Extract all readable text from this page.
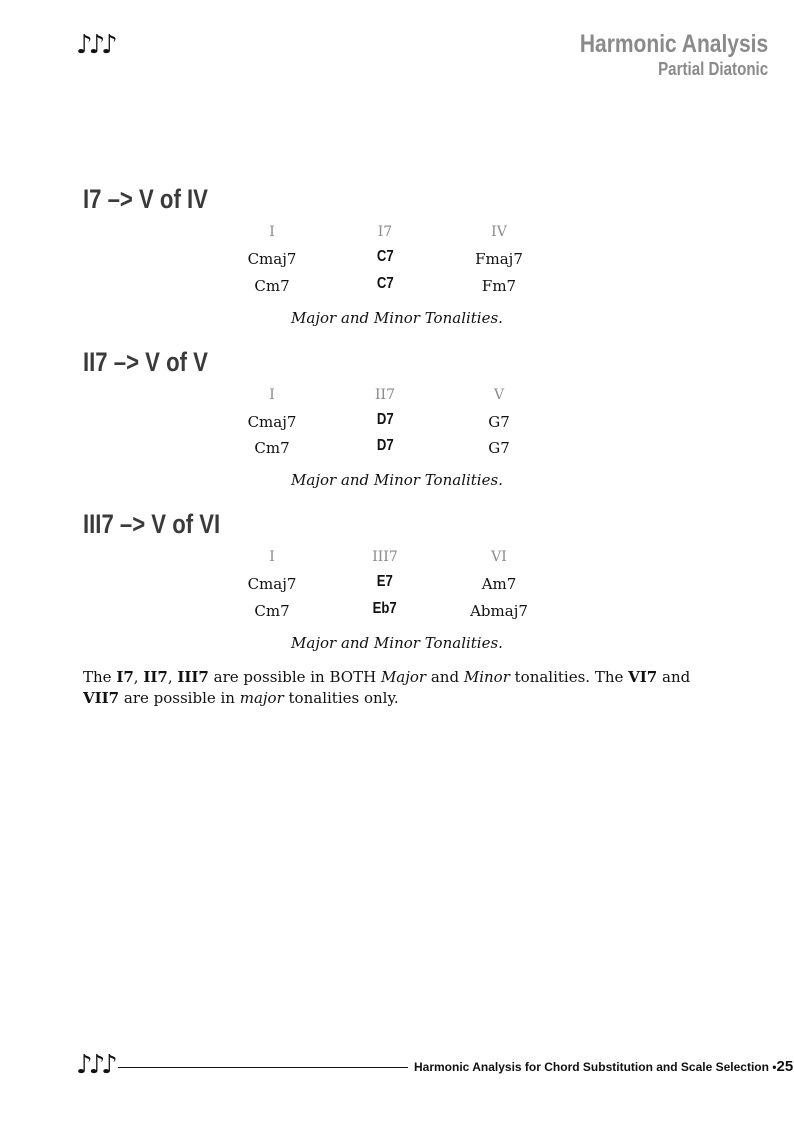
♪♪♪	Harmonic Analysis
Partial Diatonic
I7 –> V of IV
I	I7	IV
Cmaj7	C7	Fmaj7
Cm7	C7	Fm7
Major and Minor Tonalities.
II7 –> V of V
I	II7	V
Cmaj7	D7	G7
Cm7	D7	G7
Major and Minor Tonalities.
III7 –> V of VI
I	III7	VI
Cmaj7	E7	Am7
Cm7	Eb7	Abmaj7
Major and Minor Tonalities.
The I7, II7, III7 are possible in BOTH Major and Minor tonalities. The VI7 and VII7 are possible in major tonalities only.
♪♪♪	Harmonic Analysis for Chord Substitution and Scale Selection •25
